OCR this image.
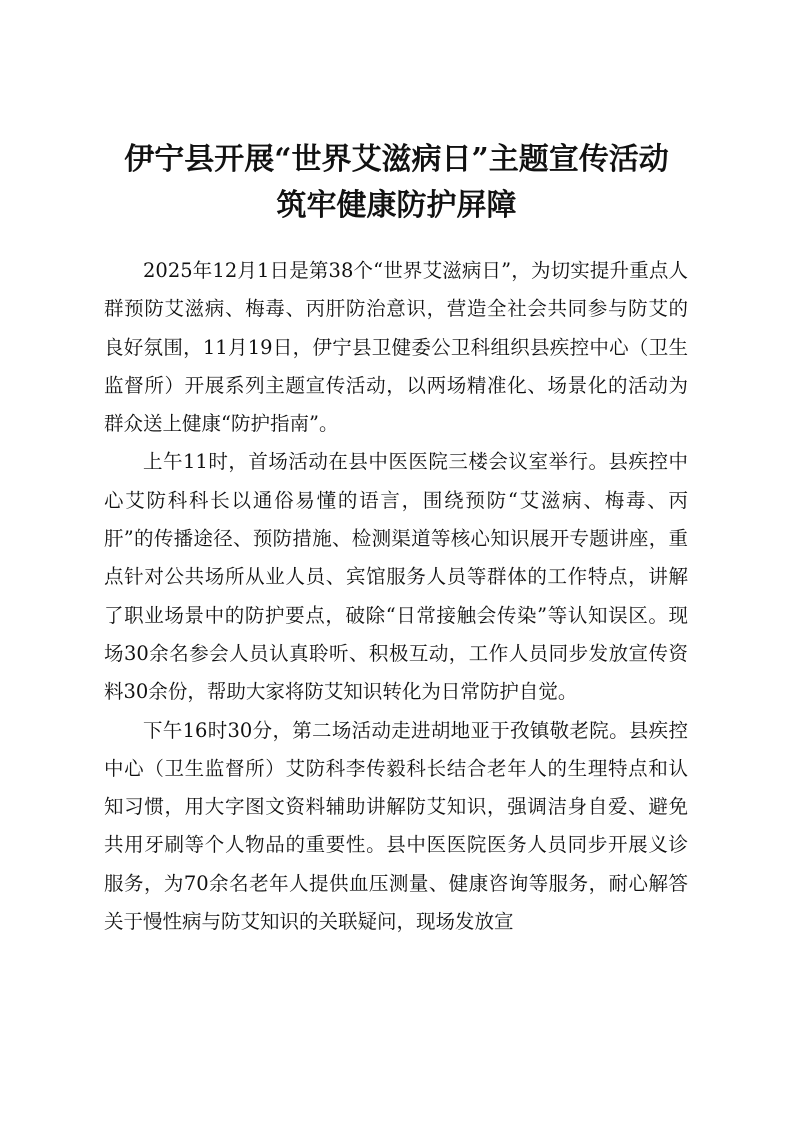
伊宁县开展“世界艾滋病日”主题宣传活动
筑牢健康防护屏障

2025年12月1日是第38个“世界艾滋病日”，为切实提升重点人群预防艾滋病、梅毒、丙肝防治意识，营造全社会共同参与防艾的良好氛围，11月19日，伊宁县卫健委公卫科组织县疾控中心（卫生监督所）开展系列主题宣传活动，以两场精准化、场景化的活动为群众送上健康“防护指南”。

上午11时，首场活动在县中医医院三楼会议室举行。县疾控中心艾防科科长以通俗易懂的语言，围绕预防“艾滋病、梅毒、丙肝”的传播途径、预防措施、检测渠道等核心知识展开专题讲座，重点针对公共场所从业人员、宾馆服务人员等群体的工作特点，讲解了职业场景中的防护要点，破除“日常接触会传染”等认知误区。现场30余名参会人员认真聆听、积极互动，工作人员同步发放宣传资料30余份，帮助大家将防艾知识转化为日常防护自觉。

下午16时30分，第二场活动走进胡地亚于孜镇敬老院。县疾控中心（卫生监督所）艾防科李传毅科长结合老年人的生理特点和认知习惯，用大字图文资料辅助讲解防艾知识，强调洁身自爱、避免共用牙刷等个人物品的重要性。县中医医院医务人员同步开展义诊服务，为70余名老年人提供血压测量、健康咨询等服务，耐心解答关于慢性病与防艾知识的关联疑问，现场发放宣
